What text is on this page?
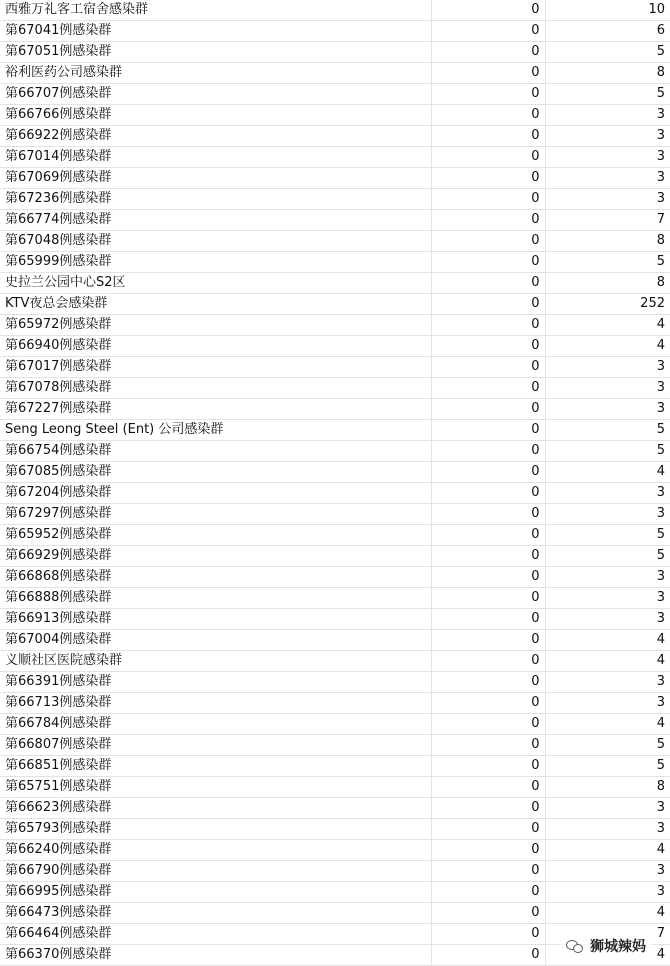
西雅万礼客工宿舍感染群	0	10
第67041例感染群	0	6
第67051例感染群	0	5
裕利医药公司感染群	0	8
第66707例感染群	0	5
第66766例感染群	0	3
第66922例感染群	0	3
第67014例感染群	0	3
第67069例感染群	0	3
第67236例感染群	0	3
第66774例感染群	0	7
第67048例感染群	0	8
第65999例感染群	0	5
史拉兰公园中心S2区	0	8
KTV夜总会感染群	0	252
第65972例感染群	0	4
第66940例感染群	0	4
第67017例感染群	0	3
第67078例感染群	0	3
第67227例感染群	0	3
Seng Leong Steel (Ent) 公司感染群	0	5
第66754例感染群	0	5
第67085例感染群	0	4
第67204例感染群	0	3
第67297例感染群	0	3
第65952例感染群	0	5
第66929例感染群	0	5
第66868例感染群	0	3
第66888例感染群	0	3
第66913例感染群	0	3
第67004例感染群	0	4
义顺社区医院感染群	0	4
第66391例感染群	0	3
第66713例感染群	0	3
第66784例感染群	0	4
第66807例感染群	0	5
第66851例感染群	0	5
第65751例感染群	0	8
第66623例感染群	0	3
第65793例感染群	0	3
第66240例感染群	0	4
第66790例感染群	0	3
第66995例感染群	0	3
第66473例感染群	0	4
第66464例感染群	0	7
第66370例感染群	0	4
狮城辣妈
